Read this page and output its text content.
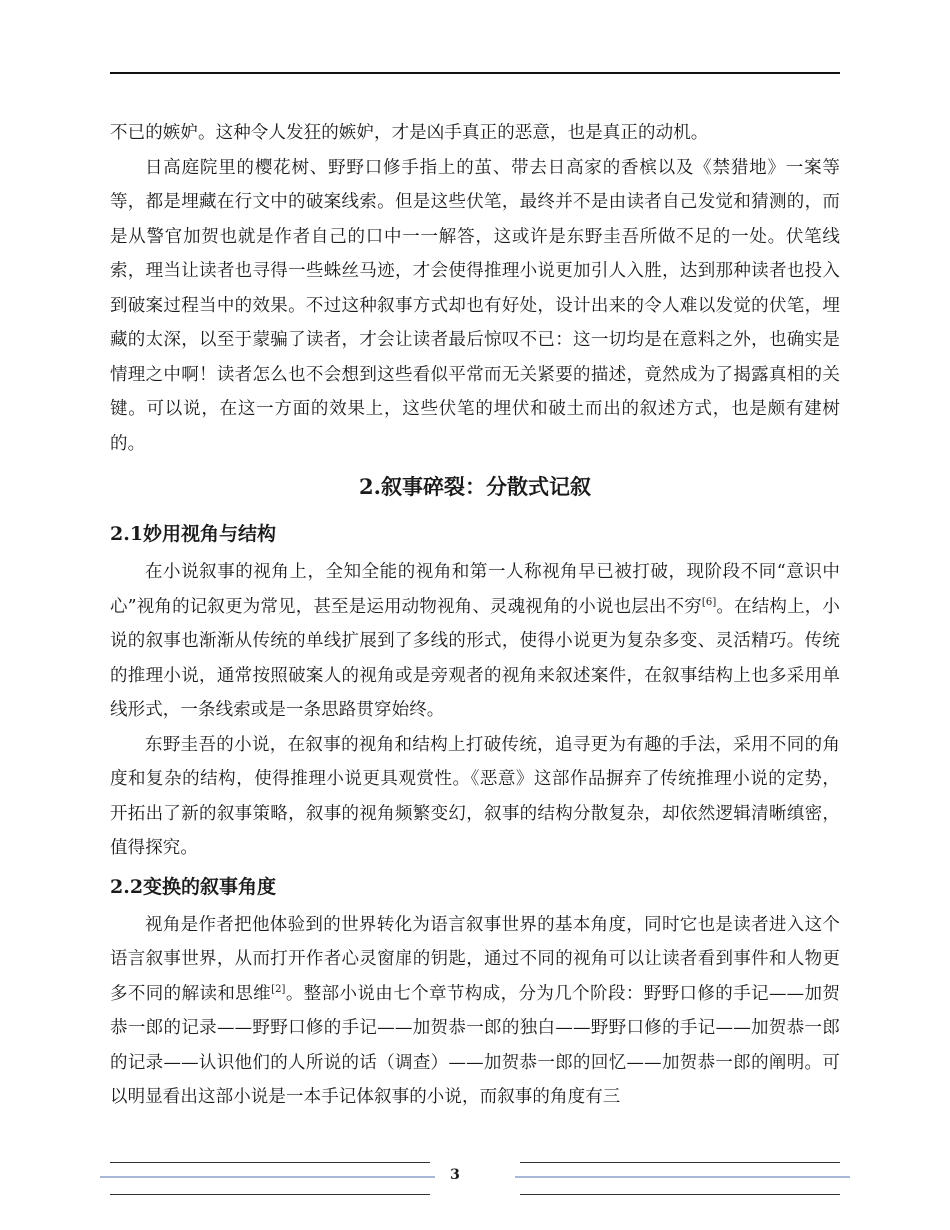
不已的嫉妒。这种令人发狂的嫉妒，才是凶手真正的恶意，也是真正的动机。

日高庭院里的樱花树、野野口修手指上的茧、带去日高家的香槟以及《禁猎地》一案等等，都是埋藏在行文中的破案线索。但是这些伏笔，最终并不是由读者自己发觉和猜测的，而是从警官加贺也就是作者自己的口中一一解答，这或许是东野圭吾所做不足的一处。伏笔线索，理当让读者也寻得一些蛛丝马迹，才会使得推理小说更加引人入胜，达到那种读者也投入到破案过程当中的效果。不过这种叙事方式却也有好处，设计出来的令人难以发觉的伏笔，埋藏的太深，以至于蒙骗了读者，才会让读者最后惊叹不已：这一切均是在意料之外，也确实是情理之中啊！读者怎么也不会想到这些看似平常而无关紧要的描述，竟然成为了揭露真相的关键。可以说，在这一方面的效果上，这些伏笔的埋伏和破土而出的叙述方式，也是颇有建树的。

2.叙事碎裂：分散式记叙
2.1妙用视角与结构

在小说叙事的视角上，全知全能的视角和第一人称视角早已被打破，现阶段不同“意识中心”视角的记叙更为常见，甚至是运用动物视角、灵魂视角的小说也层出不穷[6]。在结构上，小说的叙事也渐渐从传统的单线扩展到了多线的形式，使得小说更为复杂多变、灵活精巧。传统的推理小说，通常按照破案人的视角或是旁观者的视角来叙述案件，在叙事结构上也多采用单线形式，一条线索或是一条思路贯穿始终。

东野圭吾的小说，在叙事的视角和结构上打破传统，追寻更为有趣的手法，采用不同的角度和复杂的结构，使得推理小说更具观赏性。《恶意》这部作品摒弃了传统推理小说的定势，开拓出了新的叙事策略，叙事的视角频繁变幻，叙事的结构分散复杂，却依然逻辑清晰缜密，值得探究。

2.2变换的叙事角度

视角是作者把他体验到的世界转化为语言叙事世界的基本角度，同时它也是读者进入这个语言叙事世界，从而打开作者心灵窗扉的钥匙，通过不同的视角可以让读者看到事件和人物更多不同的解读和思维[2]。整部小说由七个章节构成，分为几个阶段：野野口修的手记——加贺恭一郎的记录——野野口修的手记——加贺恭一郎的独白——野野口修的手记——加贺恭一郎的记录——认识他们的人所说的话（调查）——加贺恭一郎的回忆——加贺恭一郎的阐明。可以明显看出这部小说是一本手记体叙事的小说，而叙事的角度有三

3
